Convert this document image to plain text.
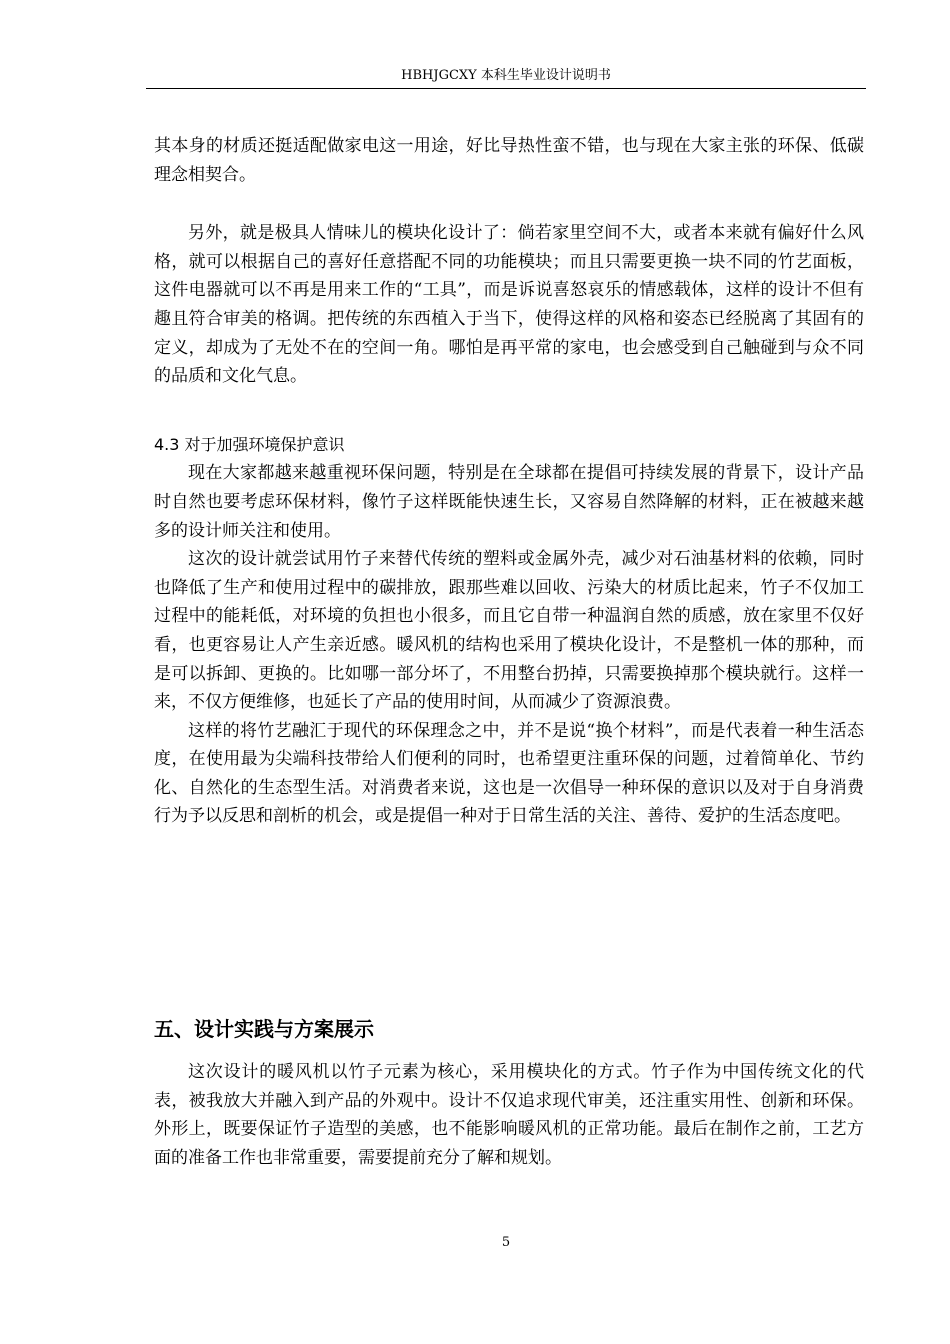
HBHJGCXY 本科生毕业设计说明书

其本身的材质还挺适配做家电这一用途，好比导热性蛮不错，也与现在大家主张的环保、低碳理念相契合。

另外，就是极具人情味儿的模块化设计了：倘若家里空间不大，或者本来就有偏好什么风格，就可以根据自己的喜好任意搭配不同的功能模块；而且只需要更换一块不同的竹艺面板，这件电器就可以不再是用来工作的“工具”，而是诉说喜怒哀乐的情感载体，这样的设计不但有趣且符合审美的格调。把传统的东西植入于当下，使得这样的风格和姿态已经脱离了其固有的定义，却成为了无处不在的空间一角。哪怕是再平常的家电，也会感受到自己触碰到与众不同的品质和文化气息。

4.3 对于加强环境保护意识

现在大家都越来越重视环保问题，特别是在全球都在提倡可持续发展的背景下，设计产品时自然也要考虑环保材料，像竹子这样既能快速生长，又容易自然降解的材料，正在被越来越多的设计师关注和使用。

这次的设计就尝试用竹子来替代传统的塑料或金属外壳，减少对石油基材料的依赖，同时也降低了生产和使用过程中的碳排放，跟那些难以回收、污染大的材质比起来，竹子不仅加工过程中的能耗低，对环境的负担也小很多，而且它自带一种温润自然的质感，放在家里不仅好看，也更容易让人产生亲近感。暖风机的结构也采用了模块化设计，不是整机一体的那种，而是可以拆卸、更换的。比如哪一部分坏了，不用整台扔掉，只需要换掉那个模块就行。这样一来，不仅方便维修，也延长了产品的使用时间，从而减少了资源浪费。

这样的将竹艺融汇于现代的环保理念之中，并不是说“换个材料”，而是代表着一种生活态度，在使用最为尖端科技带给人们便利的同时，也希望更注重环保的问题，过着简单化、节约化、自然化的生态型生活。对消费者来说，这也是一次倡导一种环保的意识以及对于自身消费行为予以反思和剖析的机会，或是提倡一种对于日常生活的关注、善待、爱护的生活态度吧。

五、设计实践与方案展示

这次设计的暖风机以竹子元素为核心，采用模块化的方式。竹子作为中国传统文化的代表，被我放大并融入到产品的外观中。设计不仅追求现代审美，还注重实用性、创新和环保。外形上，既要保证竹子造型的美感，也不能影响暖风机的正常功能。最后在制作之前，工艺方面的准备工作也非常重要，需要提前充分了解和规划。

5
